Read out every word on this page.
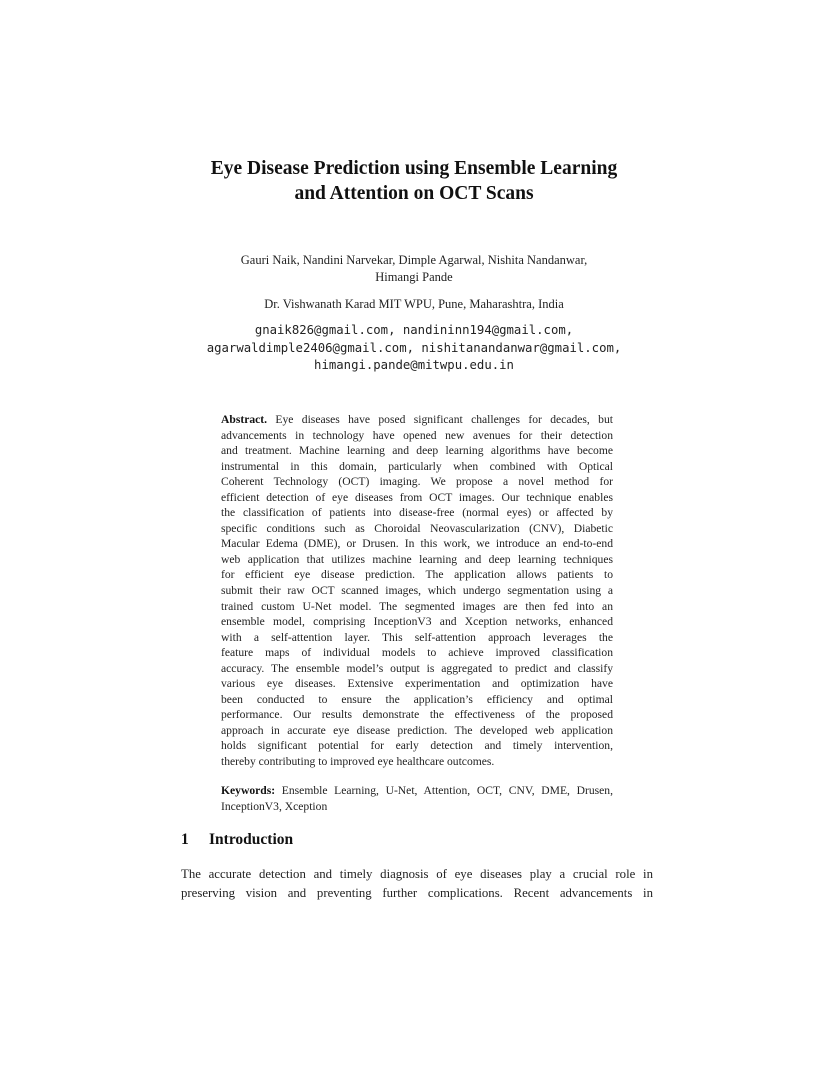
Eye Disease Prediction using Ensemble Learning
and Attention on OCT Scans
Gauri Naik, Nandini Narvekar, Dimple Agarwal, Nishita Nandanwar,
Himangi Pande
Dr. Vishwanath Karad MIT WPU, Pune, Maharashtra, India
gnaik826@gmail.com, nandininn194@gmail.com,
agarwaldimple2406@gmail.com, nishitanandanwar@gmail.com,
himangi.pande@mitwpu.edu.in
Abstract. Eye diseases have posed significant challenges for decades, but
advancements in technology have opened new avenues for their detection
and treatment. Machine learning and deep learning algorithms have become
instrumental in this domain, particularly when combined with Optical
Coherent Technology (OCT) imaging. We propose a novel method for
efficient detection of eye diseases from OCT images. Our technique enables
the classification of patients into disease-free (normal eyes) or affected by
specific conditions such as Choroidal Neovascularization (CNV), Diabetic
Macular Edema (DME), or Drusen. In this work, we introduce an end-to-end
web application that utilizes machine learning and deep learning techniques
for efficient eye disease prediction. The application allows patients to
submit their raw OCT scanned images, which undergo segmentation using a
trained custom U-Net model. The segmented images are then fed into an
ensemble model, comprising InceptionV3 and Xception networks, enhanced
with a self-attention layer. This self-attention approach leverages the
feature maps of individual models to achieve improved classification
accuracy. The ensemble model’s output is aggregated to predict and classify
various eye diseases. Extensive experimentation and optimization have
been conducted to ensure the application’s efficiency and optimal
performance. Our results demonstrate the effectiveness of the proposed
approach in accurate eye disease prediction. The developed web application
holds significant potential for early detection and timely intervention,
thereby contributing to improved eye healthcare outcomes.
Keywords: Ensemble Learning, U-Net, Attention, OCT, CNV, DME, Drusen,
InceptionV3, Xception
1 Introduction
The accurate detection and timely diagnosis of eye diseases play a crucial role in
preserving vision and preventing further complications. Recent advancements in
